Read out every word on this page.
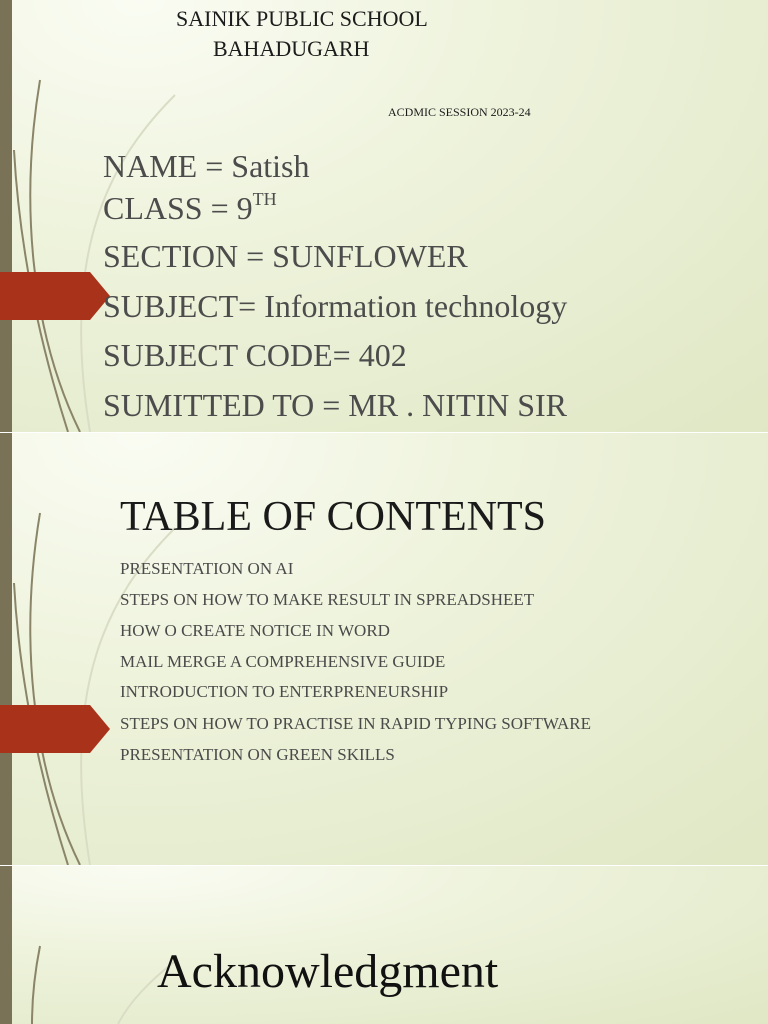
SAINIK PUBLIC SCHOOL
BAHADUGARH
ACDMIC SESSION 2023-24
NAME = Satish
CLASS = 9TH
SECTION = SUNFLOWER
SUBJECT= Information technology
SUBJECT CODE= 402
SUMITTED TO = MR . NITIN SIR
TABLE OF CONTENTS
PRESENTATION ON AI
STEPS ON HOW TO MAKE RESULT IN SPREADSHEET
HOW O CREATE NOTICE IN WORD
MAIL MERGE A COMPREHENSIVE GUIDE
INTRODUCTION TO ENTERPRENEURSHIP
STEPS ON HOW TO PRACTISE IN RAPID TYPING SOFTWARE
PRESENTATION ON GREEN SKILLS
Acknowledgment
